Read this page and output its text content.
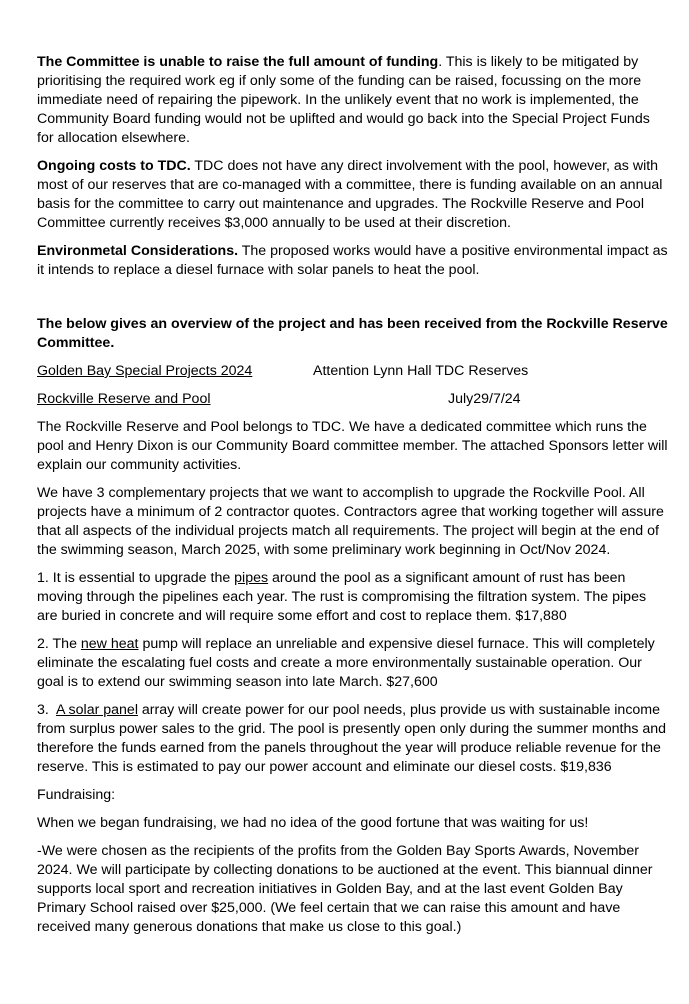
The Committee is unable to raise the full amount of funding. This is likely to be mitigated by prioritising the required work eg if only some of the funding can be raised, focussing on the more immediate need of repairing the pipework. In the unlikely event that no work is implemented, the Community Board funding would not be uplifted and would go back into the Special Project Funds for allocation elsewhere.

Ongoing costs to TDC. TDC does not have any direct involvement with the pool, however, as with most of our reserves that are co-managed with a committee, there is funding available on an annual basis for the committee to carry out maintenance and upgrades. The Rockville Reserve and Pool Committee currently receives $3,000 annually to be used at their discretion.

Environmetal Considerations. The proposed works would have a positive environmental impact as it intends to replace a diesel furnace with solar panels to heat the pool.

The below gives an overview of the project and has been received from the Rockville Reserve Committee.

Golden Bay Special Projects 2024	Attention Lynn Hall TDC Reserves
Rockville Reserve and Pool	July29/7/24

The Rockville Reserve and Pool belongs to TDC. We have a dedicated committee which runs the pool and Henry Dixon is our Community Board committee member. The attached Sponsors letter will explain our community activities.

We have 3 complementary projects that we want to accomplish to upgrade the Rockville Pool. All projects have a minimum of 2 contractor quotes. Contractors agree that working together will assure that all aspects of the individual projects match all requirements. The project will begin at the end of the swimming season, March 2025, with some preliminary work beginning in Oct/Nov 2024.

1. It is essential to upgrade the pipes around the pool as a significant amount of rust has been moving through the pipelines each year. The rust is compromising the filtration system. The pipes are buried in concrete and will require some effort and cost to replace them. $17,880

2. The new heat pump will replace an unreliable and expensive diesel furnace. This will completely eliminate the escalating fuel costs and create a more environmentally sustainable operation. Our goal is to extend our swimming season into late March. $27,600

3.  A solar panel array will create power for our pool needs, plus provide us with sustainable income from surplus power sales to the grid. The pool is presently open only during the summer months and therefore the funds earned from the panels throughout the year will produce reliable revenue for the reserve. This is estimated to pay our power account and eliminate our diesel costs. $19,836

Fundraising:

When we began fundraising, we had no idea of the good fortune that was waiting for us!

-We were chosen as the recipients of the profits from the Golden Bay Sports Awards, November 2024. We will participate by collecting donations to be auctioned at the event. This biannual dinner supports local sport and recreation initiatives in Golden Bay, and at the last event Golden Bay Primary School raised over $25,000. (We feel certain that we can raise this amount and have received many generous donations that make us close to this goal.)
